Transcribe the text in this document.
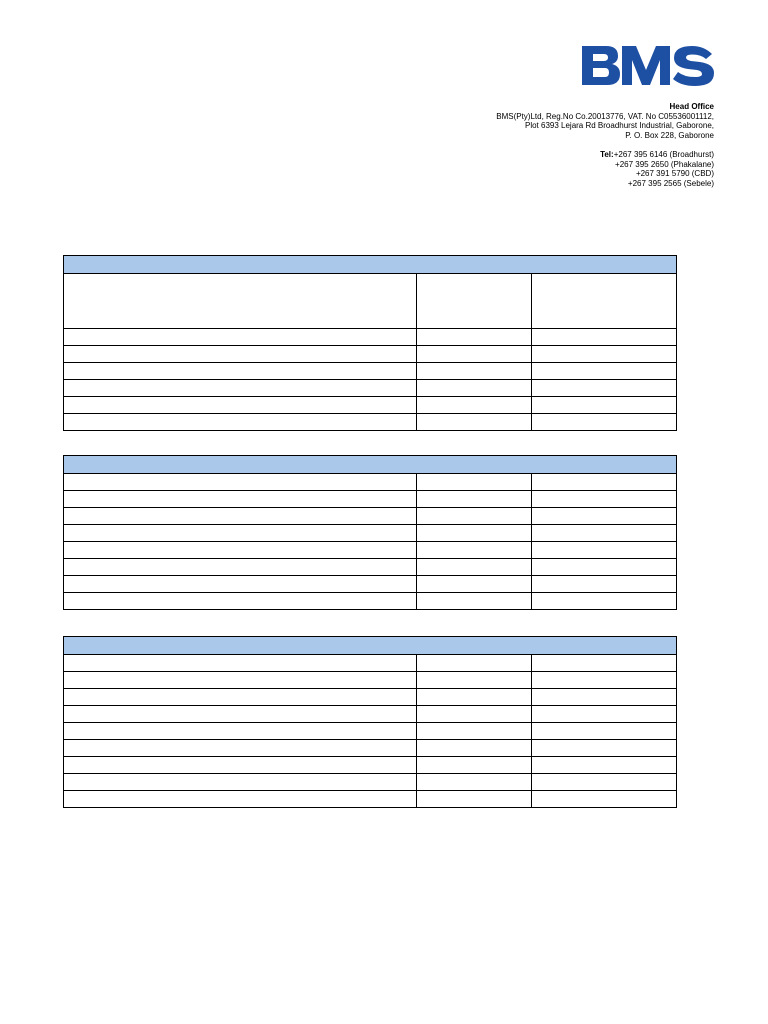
Head Office
BMS(Pty)Ltd, Reg.No Co.20013776, VAT. No C05536001112,
Plot 6393 Lejara Rd Broadhurst Industrial, Gaborone,
P. O. Box 228, Gaborone
Tel:+267 395 6146 (Broadhurst)
+267 395 2650 (Phakalane)
+267 391 5790 (CBD)
+267 395 2565 (Sebele)
